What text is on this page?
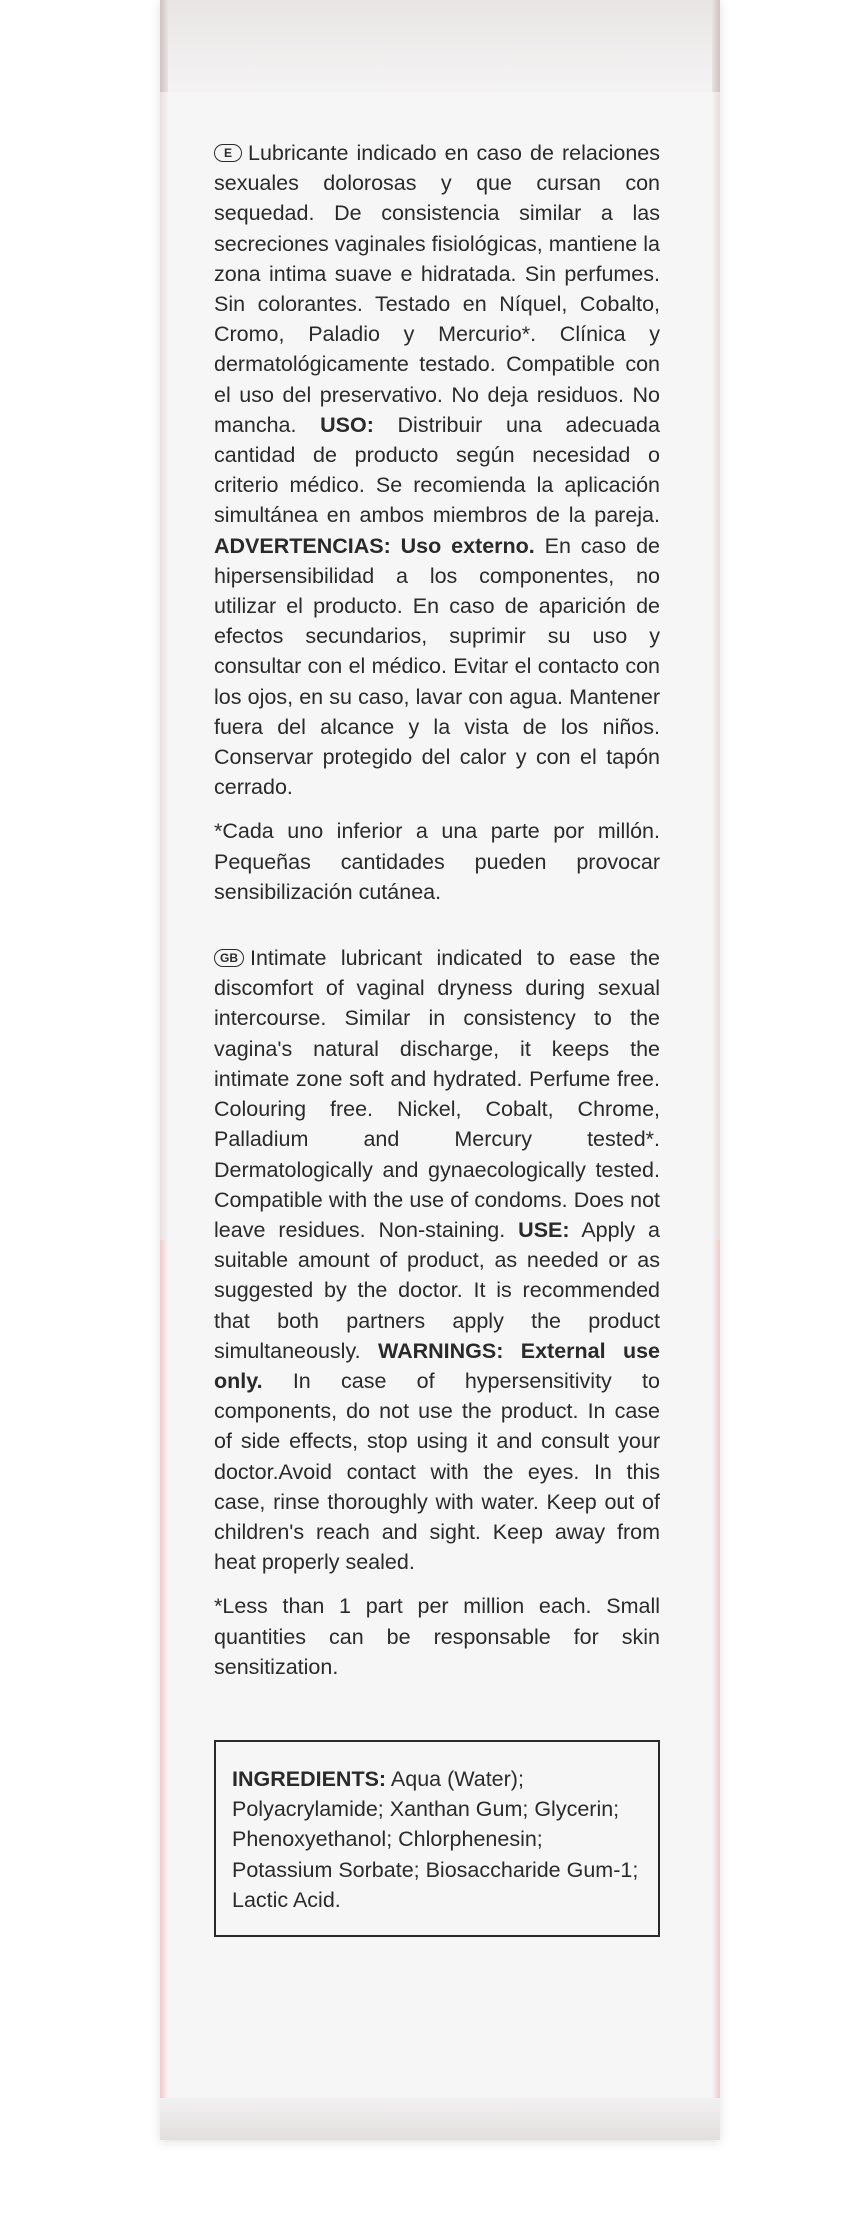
E Lubricante indicado en caso de relaciones sexuales dolorosas y que cursan con sequedad. De consistencia similar a las secreciones vaginales fisiológicas, mantiene la zona intima suave e hidratada. Sin perfumes. Sin colorantes. Testado en Níquel, Cobalto, Cromo, Paladio y Mercurio*. Clínica y dermatológicamente testado. Compatible con el uso del preservativo. No deja residuos. No mancha. USO: Distribuir una adecuada cantidad de producto según necesidad o criterio médico. Se recomienda la aplicación simultánea en ambos miembros de la pareja. ADVERTENCIAS: Uso externo. En caso de hipersensibilidad a los componentes, no utilizar el producto. En caso de aparición de efectos secundarios, suprimir su uso y consultar con el médico. Evitar el contacto con los ojos, en su caso, lavar con agua. Mantener fuera del alcance y la vista de los niños. Conservar protegido del calor y con el tapón cerrado.

*Cada uno inferior a una parte por millón. Pequeñas cantidades pueden provocar sensibilización cutánea.

GB Intimate lubricant indicated to ease the discomfort of vaginal dryness during sexual intercourse. Similar in consistency to the vagina's natural discharge, it keeps the intimate zone soft and hydrated. Perfume free. Colouring free. Nickel, Cobalt, Chrome, Palladium and Mercury tested*. Dermatologically and gynaecologically tested. Compatible with the use of condoms. Does not leave residues. Non-staining. USE: Apply a suitable amount of product, as needed or as suggested by the doctor. It is recommended that both partners apply the product simultaneously. WARNINGS: External use only. In case of hypersensitivity to components, do not use the product. In case of side effects, stop using it and consult your doctor.Avoid contact with the eyes. In this case, rinse thoroughly with water. Keep out of children's reach and sight. Keep away from heat properly sealed.

*Less than 1 part per million each. Small quantities can be responsable for skin sensitization.

INGREDIENTS: Aqua (Water); Polyacrylamide; Xanthan Gum; Glycerin; Phenoxyethanol; Chlorphenesin; Potassium Sorbate; Biosaccharide Gum-1; Lactic Acid.
